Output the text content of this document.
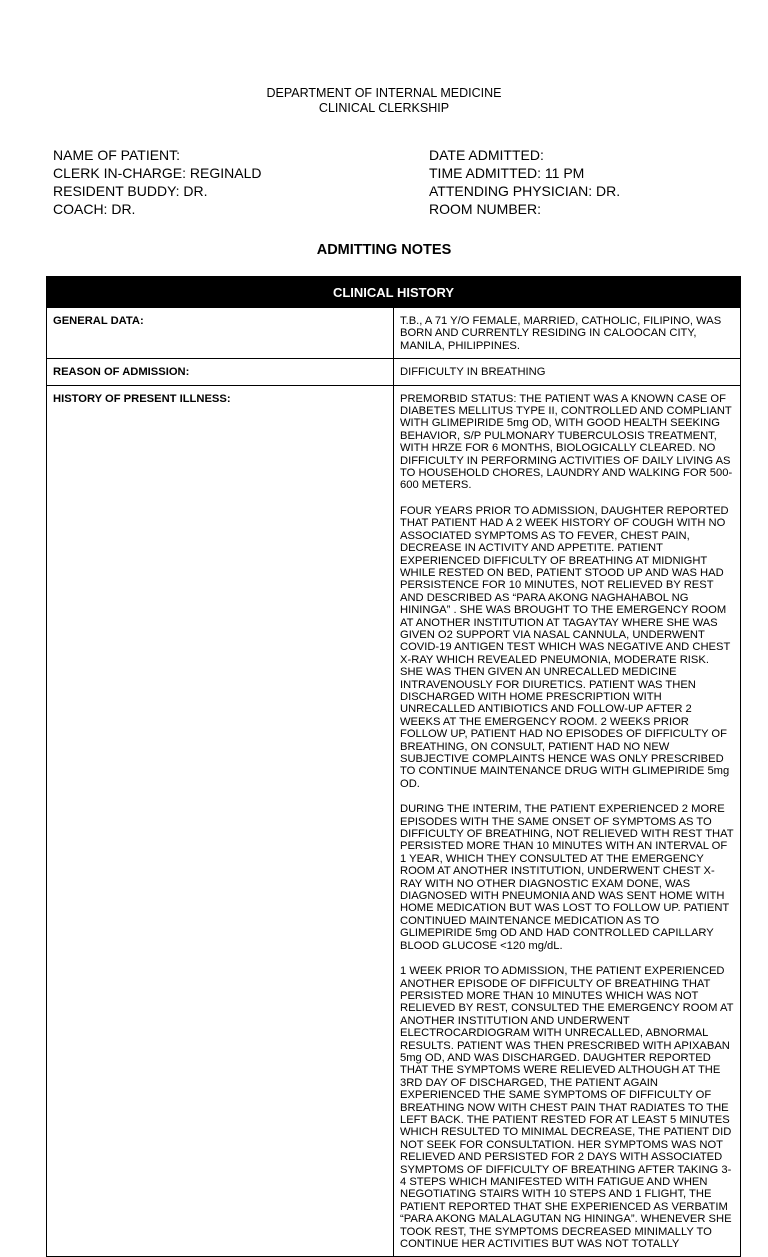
DEPARTMENT OF INTERNAL MEDICINE
CLINICAL CLERKSHIP
NAME OF PATIENT:
CLERK IN-CHARGE: REGINALD
RESIDENT BUDDY: DR.
COACH: DR.
DATE ADMITTED:
TIME ADMITTED: 11 PM
ATTENDING PHYSICIAN: DR.
ROOM NUMBER:
ADMITTING NOTES
CLINICAL HISTORY	
GENERAL DATA:	T.B., A 71 Y/O FEMALE, MARRIED, CATHOLIC, FILIPINO, WAS BORN AND CURRENTLY RESIDING IN CALOOCAN CITY, MANILA, PHILIPPINES.
REASON OF ADMISSION:	DIFFICULTY IN BREATHING
HISTORY OF PRESENT ILLNESS:	PREMORBID STATUS: THE PATIENT WAS A KNOWN CASE OF DIABETES MELLITUS TYPE II, CONTROLLED AND COMPLIANT WITH GLIMEPIRIDE 5mg OD, WITH GOOD HEALTH SEEKING BEHAVIOR, S/P PULMONARY TUBERCULOSIS TREATMENT, WITH HRZE FOR 6 MONTHS, BIOLOGICALLY CLEARED. NO DIFFICULTY IN PERFORMING ACTIVITIES OF DAILY LIVING AS TO HOUSEHOLD CHORES, LAUNDRY AND WALKING FOR 500-600 METERS.

FOUR YEARS PRIOR TO ADMISSION, DAUGHTER REPORTED THAT PATIENT HAD A 2 WEEK HISTORY OF COUGH WITH NO ASSOCIATED SYMPTOMS AS TO FEVER, CHEST PAIN, DECREASE IN ACTIVITY AND APPETITE. PATIENT EXPERIENCED DIFFICULTY OF BREATHING AT MIDNIGHT WHILE RESTED ON BED, PATIENT STOOD UP AND WAS HAD PERSISTENCE FOR 10 MINUTES, NOT RELIEVED BY REST AND DESCRIBED AS “PARA AKONG NAGHAHABOL NG HININGA” . SHE WAS BROUGHT TO THE EMERGENCY ROOM AT ANOTHER INSTITUTION AT TAGAYTAY WHERE SHE WAS GIVEN O2 SUPPORT VIA NASAL CANNULA, UNDERWENT COVID-19 ANTIGEN TEST WHICH WAS NEGATIVE AND CHEST X-RAY WHICH REVEALED PNEUMONIA, MODERATE RISK. SHE WAS THEN GIVEN AN UNRECALLED MEDICINE INTRAVENOUSLY FOR DIURETICS. PATIENT WAS THEN DISCHARGED WITH HOME PRESCRIPTION WITH UNRECALLED ANTIBIOTICS AND FOLLOW-UP AFTER 2 WEEKS AT THE EMERGENCY ROOM. 2 WEEKS PRIOR FOLLOW UP, PATIENT HAD NO EPISODES OF DIFFICULTY OF BREATHING, ON CONSULT, PATIENT HAD NO NEW SUBJECTIVE COMPLAINTS HENCE WAS ONLY PRESCRIBED TO CONTINUE MAINTENANCE DRUG WITH GLIMEPIRIDE 5mg OD.

DURING THE INTERIM, THE PATIENT EXPERIENCED 2 MORE EPISODES WITH THE SAME ONSET OF SYMPTOMS AS TO DIFFICULTY OF BREATHING, NOT RELIEVED WITH REST THAT PERSISTED MORE THAN 10 MINUTES WITH AN INTERVAL OF 1 YEAR, WHICH THEY CONSULTED AT THE EMERGENCY ROOM AT ANOTHER INSTITUTION, UNDERWENT CHEST X-RAY WITH NO OTHER DIAGNOSTIC EXAM DONE, WAS DIAGNOSED WITH PNEUMONIA AND WAS SENT HOME WITH HOME MEDICATION BUT WAS LOST TO FOLLOW UP. PATIENT CONTINUED MAINTENANCE MEDICATION AS TO GLIMEPIRIDE 5mg OD AND HAD CONTROLLED CAPILLARY BLOOD GLUCOSE <120 mg/dL.

1 WEEK PRIOR TO ADMISSION, THE PATIENT EXPERIENCED ANOTHER EPISODE OF DIFFICULTY OF BREATHING THAT PERSISTED MORE THAN 10 MINUTES WHICH WAS NOT RELIEVED BY REST, CONSULTED THE EMERGENCY ROOM AT ANOTHER INSTITUTION AND UNDERWENT ELECTROCARDIOGRAM WITH UNRECALLED, ABNORMAL RESULTS. PATIENT WAS THEN PRESCRIBED WITH APIXABAN 5mg OD, AND WAS DISCHARGED. DAUGHTER REPORTED THAT THE SYMPTOMS WERE RELIEVED ALTHOUGH AT THE 3RD DAY OF DISCHARGED, THE PATIENT AGAIN EXPERIENCED THE SAME SYMPTOMS OF DIFFICULTY OF BREATHING NOW WITH CHEST PAIN THAT RADIATES TO THE LEFT BACK. THE PATIENT RESTED FOR AT LEAST 5 MINUTES WHICH RESULTED TO MINIMAL DECREASE, THE PATIENT DID NOT SEEK FOR CONSULTATION. HER SYMPTOMS WAS NOT RELIEVED AND PERSISTED FOR 2 DAYS WITH ASSOCIATED SYMPTOMS OF DIFFICULTY OF BREATHING AFTER TAKING 3-4 STEPS WHICH MANIFESTED WITH FATIGUE AND WHEN NEGOTIATING STAIRS WITH 10 STEPS AND 1 FLIGHT, THE PATIENT REPORTED THAT SHE EXPERIENCED AS VERBATIM “PARA AKONG MALALAGUTAN NG HININGA”. WHENEVER SHE TOOK REST, THE SYMPTOMS DECREASED MINIMALLY TO CONTINUE HER ACTIVITIES BUT WAS NOT TOTALLY
